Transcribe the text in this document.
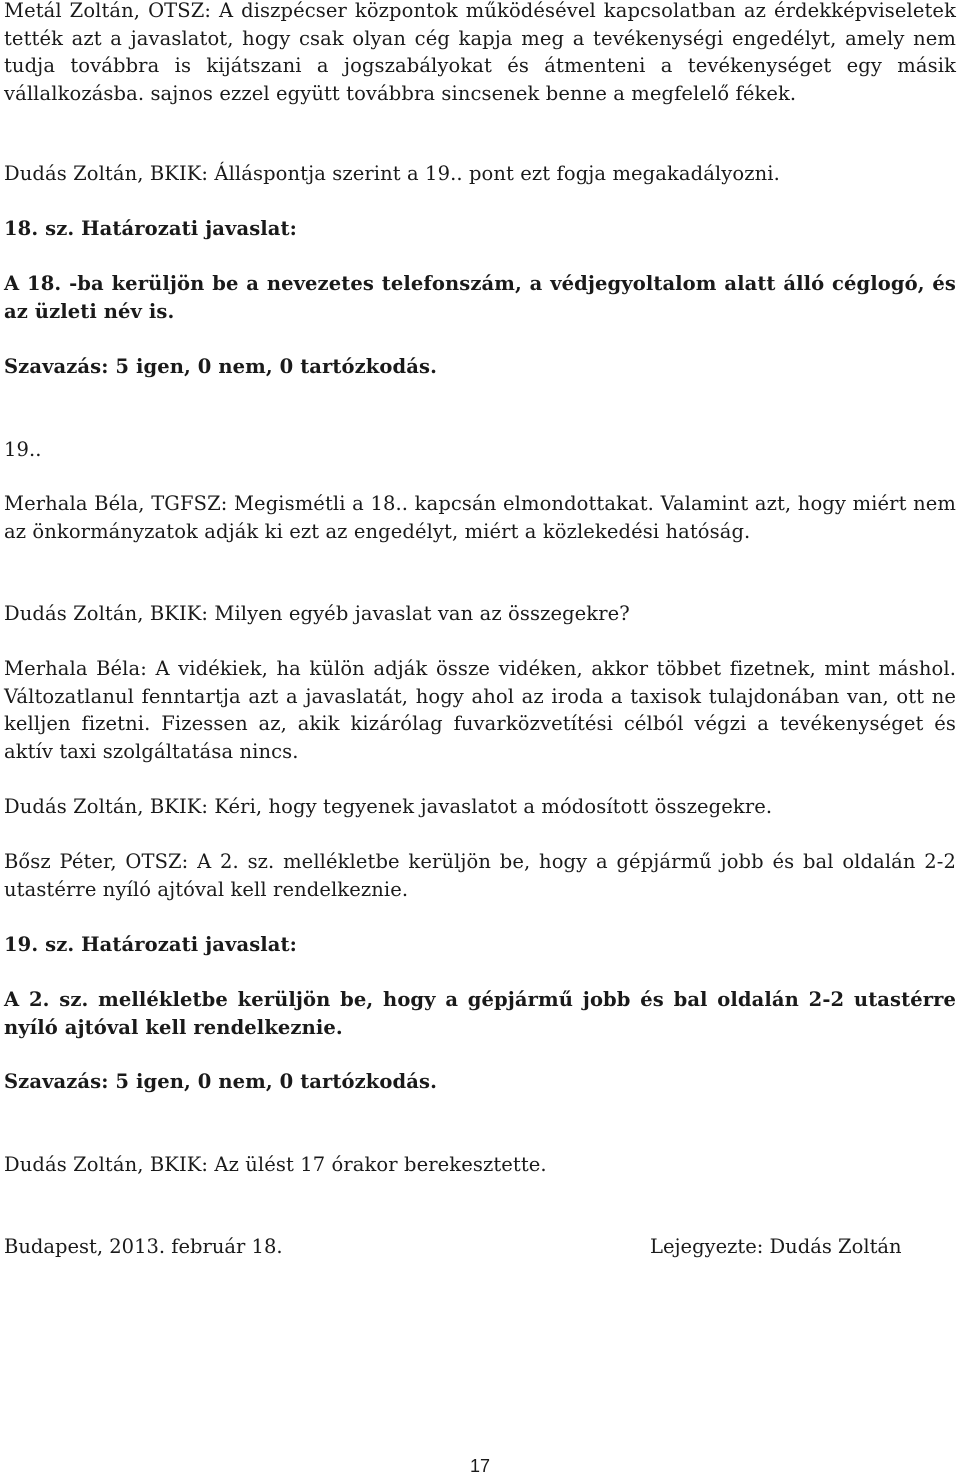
Metál Zoltán, OTSZ: A diszpécser központok működésével kapcsolatban az érdekképviseletek tették azt a javaslatot, hogy csak olyan cég kapja meg a tevékenységi engedélyt, amely nem tudja továbbra is kijátszani a jogszabályokat és átmenteni a tevékenységet egy másik vállalkozásba. sajnos ezzel együtt továbbra sincsenek benne a megfelelő fékek.

Dudás Zoltán, BKIK: Álláspontja szerint a 19.. pont ezt fogja megakadályozni.

18. sz. Határozati javaslat:

A 18. -ba kerüljön be a nevezetes telefonszám, a védjegyoltalom alatt álló céglogó, és az üzleti név is.

Szavazás: 5 igen, 0 nem, 0 tartózkodás.

19..

Merhala Béla, TGFSZ: Megismétli a 18.. kapcsán elmondottakat. Valamint azt, hogy miért nem az önkormányzatok adják ki ezt az engedélyt, miért a közlekedési hatóság.

Dudás Zoltán, BKIK: Milyen egyéb javaslat van az összegekre?

Merhala Béla: A vidékiek, ha külön adják össze vidéken, akkor többet fizetnek, mint máshol. Változatlanul fenntartja azt a javaslatát, hogy ahol az iroda a taxisok tulajdonában van, ott ne kelljen fizetni. Fizessen az, akik kizárólag fuvarközvetítési célból végzi a tevékenységet és aktív taxi szolgáltatása nincs.

Dudás Zoltán, BKIK: Kéri, hogy tegyenek javaslatot a módosított összegekre.

Bősz Péter, OTSZ: A 2. sz. mellékletbe kerüljön be, hogy a gépjármű jobb és bal oldalán 2-2 utastérre nyíló ajtóval kell rendelkeznie.

19. sz. Határozati javaslat:

A 2. sz. mellékletbe kerüljön be, hogy a gépjármű jobb és bal oldalán 2-2 utastérre nyíló ajtóval kell rendelkeznie.

Szavazás: 5 igen, 0 nem, 0 tartózkodás.

Dudás Zoltán, BKIK: Az ülést 17 órakor berekesztette.

Budapest, 2013. február 18.	Lejegyezte: Dudás Zoltán
17
